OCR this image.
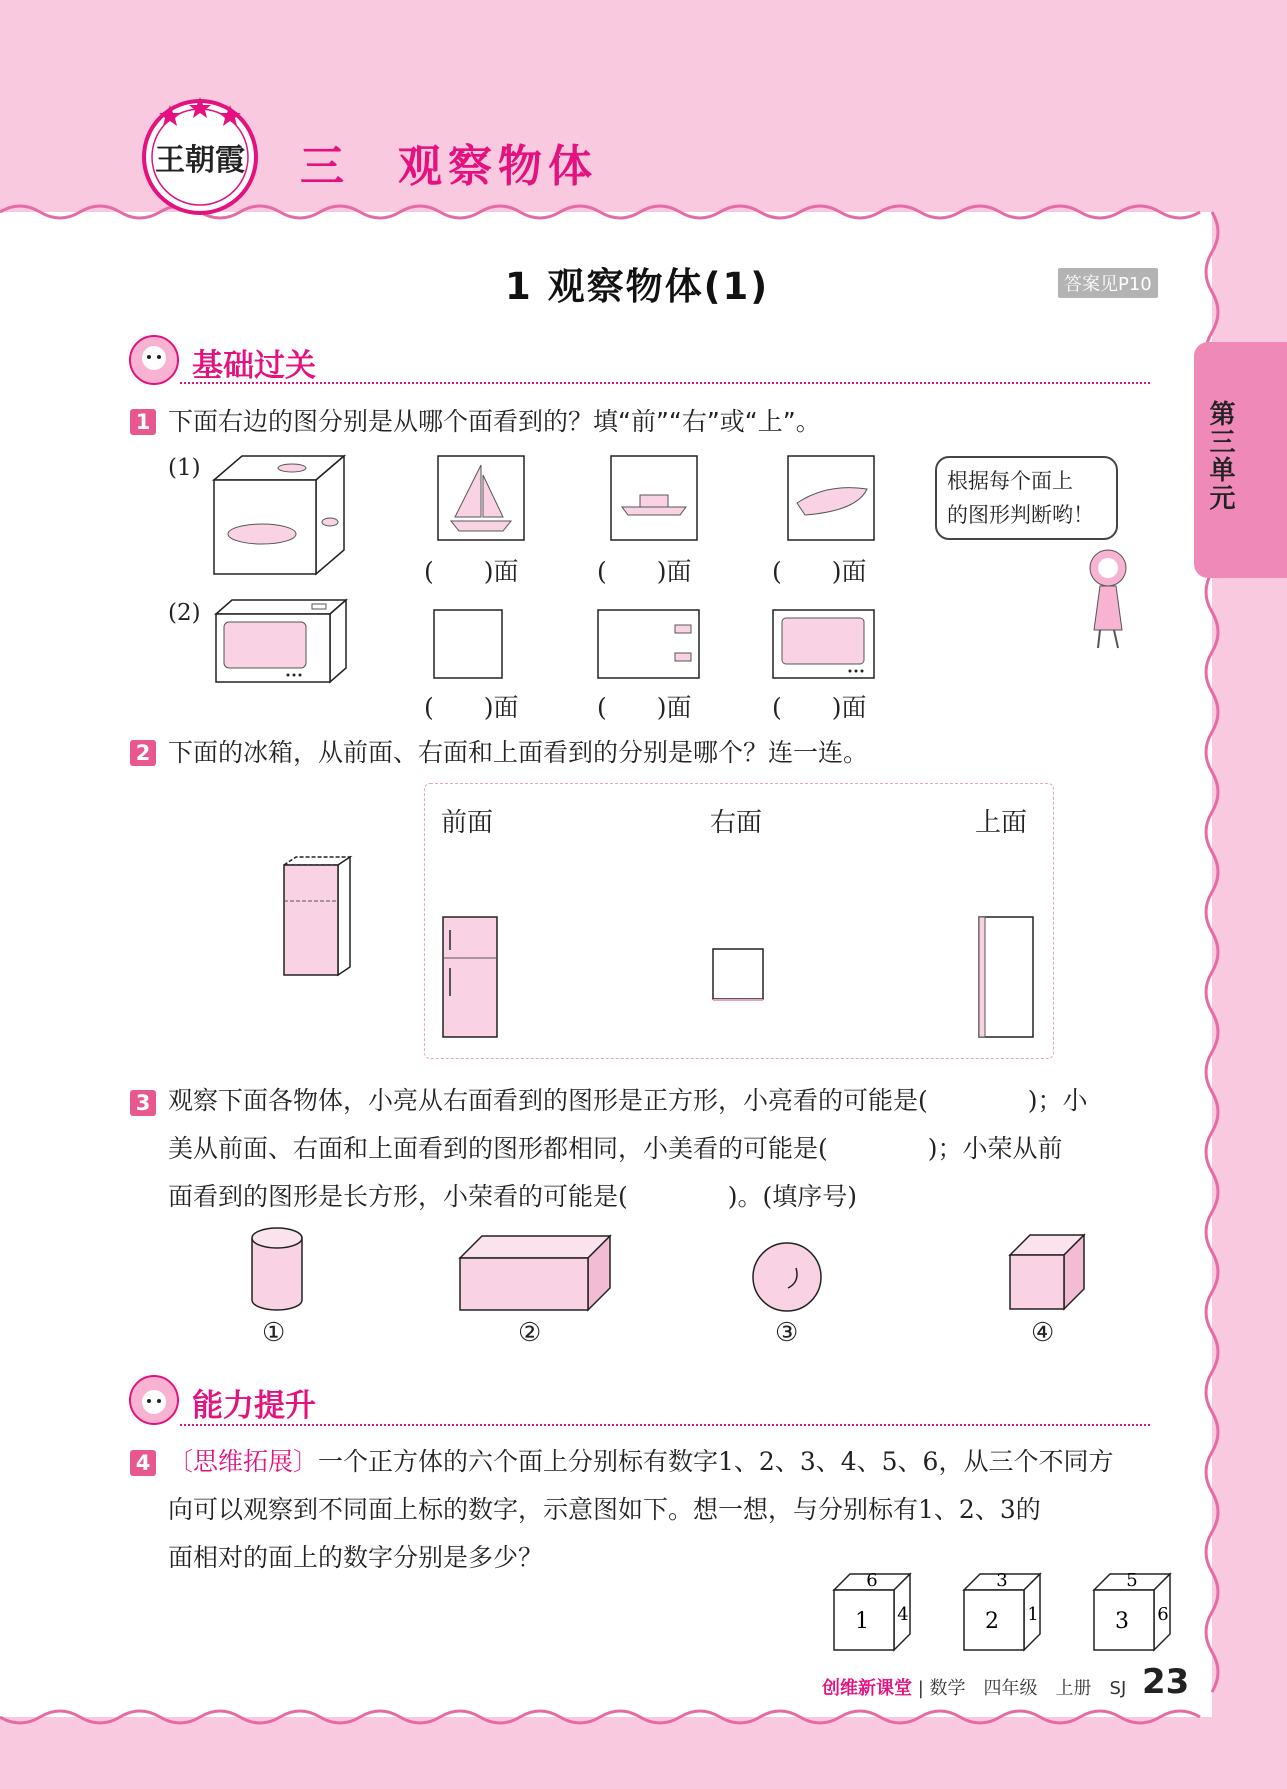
王朝霞 三 观察物体
1 观察物体(1)	答案见P10
第三单元
基础过关
1 下面右边的图分别是从哪个面看到的？填“前”“右”或“上”。
(1)
(　　)面	(　　)面	(　　)面
根据每个面上
的图形判断哟！
(2)
(　　)面	(　　)面	(　　)面
2 下面的冰箱，从前面、右面和上面看到的分别是哪个？连一连。
前面	右面	上面
3 观察下面各物体，小亮从右面看到的图形是正方形，小亮看的可能是(　　　　)；小
美从前面、右面和上面看到的图形都相同，小美看的可能是(　　　　)；小荣从前
面看到的图形是长方形，小荣看的可能是(　　　　)。(填序号)
①	②	③	④
能力提升
4 〔思维拓展〕一个正方体的六个面上分别标有数字1、2、3、4、5、6，从三个不同方
向可以观察到不同面上标的数字，示意图如下。想一想，与分别标有1、2、3的
面相对的面上的数字分别是多少？
6
1 4
3
2 1
5
3 6
创维新课堂 | 数学　四年级　上册　SJ 23
